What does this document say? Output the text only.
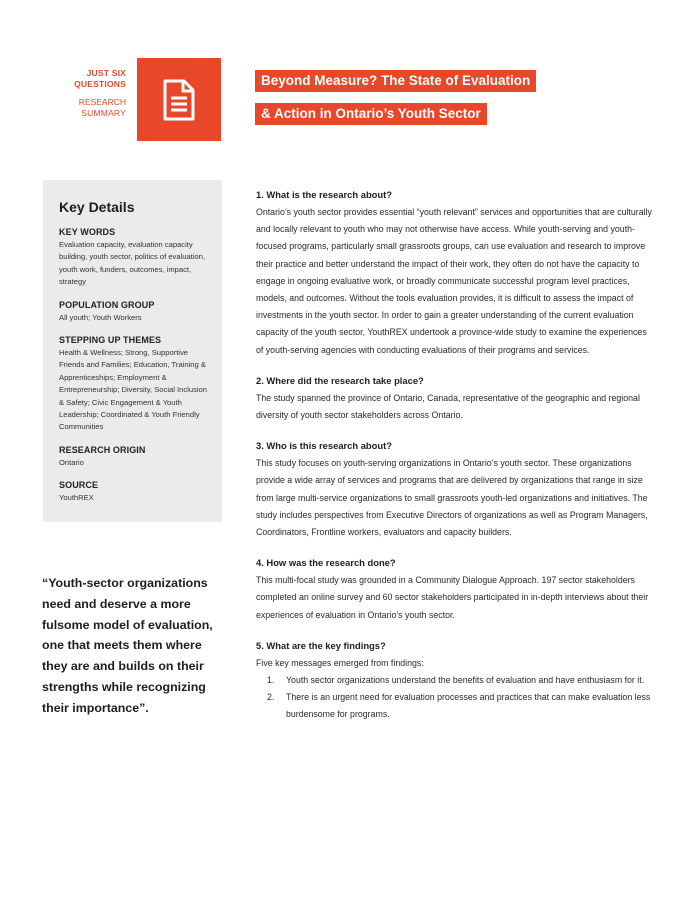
JUST SIX
QUESTIONS
RESEARCH
SUMMARY
Beyond Measure? The State of Evaluation
& Action in Ontario’s Youth Sector
Key Details
KEY WORDS
Evaluation capacity, evaluation capacity building, youth sector, politics of evaluation, youth work, funders, outcomes, impact, strategy
POPULATION GROUP
All youth; Youth Workers
STEPPING UP THEMES
Health & Wellness; Strong, Supportive Friends and Families; Education, Training & Apprenticeships; Employment & Entrepreneurship; Diversity, Social Inclusion & Safety; Civic Engagement & Youth Leadership; Coordinated & Youth Friendly Communities
RESEARCH ORIGIN
Ontario
SOURCE
YouthREX
“Youth-sector organizations need and deserve a more fulsome model of evaluation, one that meets them where they are and builds on their strengths while recognizing their importance”.
1. What is the research about?
Ontario’s youth sector provides essential “youth relevant” services and opportunities that are culturally and locally relevant to youth who may not otherwise have access. While youth-serving and youth-focused programs, particularly small grassroots groups, can use evaluation and research to improve their practice and better understand the impact of their work, they often do not have the capacity to engage in ongoing evaluative work, or broadly communicate successful program level practices, models, and outcomes. Without the tools evaluation provides, it is difficult to assess the impact of investments in the youth sector. In order to gain a greater understanding of the current evaluation capacity of the youth sector, YouthREX undertook a province-wide study to examine the experiences of youth-serving agencies with conducting evaluations of their programs and services.
2. Where did the research take place?
The study spanned the province of Ontario, Canada, representative of the geographic and regional diversity of youth sector stakeholders across Ontario.
3. Who is this research about?
This study focuses on youth-serving organizations in Ontario’s youth sector. These organizations provide a wide array of services and programs that are delivered by organizations that range in size from large multi-service organizations to small grassroots youth-led organizations and initiatives. The study includes perspectives from Executive Directors of organizations as well as Program Managers, Coordinators, Frontline workers, evaluators and capacity builders.
4. How was the research done?
This multi-focal study was grounded in a Community Dialogue Approach. 197 sector stakeholders completed an online survey and 60 sector stakeholders participated in in-depth interviews about their experiences of evaluation in Ontario’s youth sector.
5. What are the key findings?
Five key messages emerged from findings:
1.	Youth sector organizations understand the benefits of evaluation and have enthusiasm for it.
2.	There is an urgent need for evaluation processes and practices that can make evaluation less burdensome for programs.
